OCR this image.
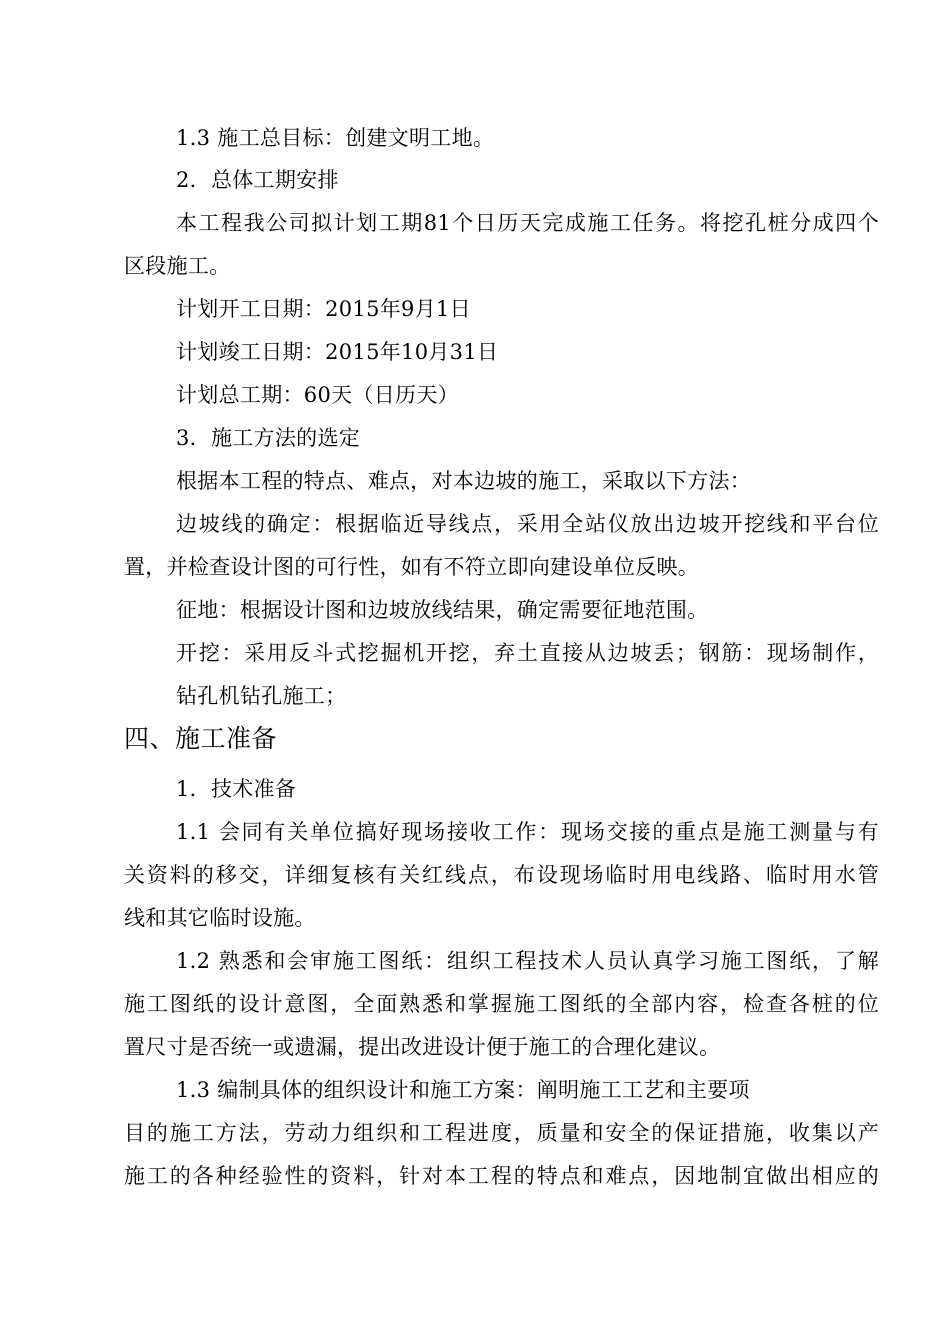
1.3 施工总目标：创建文明工地。
2．总体工期安排
本工程我公司拟计划工期81个日历天完成施工任务。将挖孔桩分成四个
区段施工。
计划开工日期：2015年9月1日
计划竣工日期：2015年10月31日
计划总工期：60天（日历天）
3．施工方法的选定
根据本工程的特点、难点，对本边坡的施工，采取以下方法：
边坡线的确定：根据临近导线点，采用全站仪放出边坡开挖线和平台位
置，并检查设计图的可行性，如有不符立即向建设单位反映。
征地：根据设计图和边坡放线结果，确定需要征地范围。
开挖：采用反斗式挖掘机开挖，弃土直接从边坡丢；钢筋：现场制作，
钻孔机钻孔施工；
四、施工准备
1．技术准备
1.1 会同有关单位搞好现场接收工作：现场交接的重点是施工测量与有
关资料的移交，详细复核有关红线点，布设现场临时用电线路、临时用水管
线和其它临时设施。
1.2 熟悉和会审施工图纸：组织工程技术人员认真学习施工图纸，了解
施工图纸的设计意图，全面熟悉和掌握施工图纸的全部内容，检查各桩的位
置尺寸是否统一或遗漏，提出改进设计便于施工的合理化建议。
1.3 编制具体的组织设计和施工方案：阐明施工工艺和主要项
目的施工方法，劳动力组织和工程进度，质量和安全的保证措施，收集以产
施工的各种经验性的资料，针对本工程的特点和难点，因地制宜做出相应的
